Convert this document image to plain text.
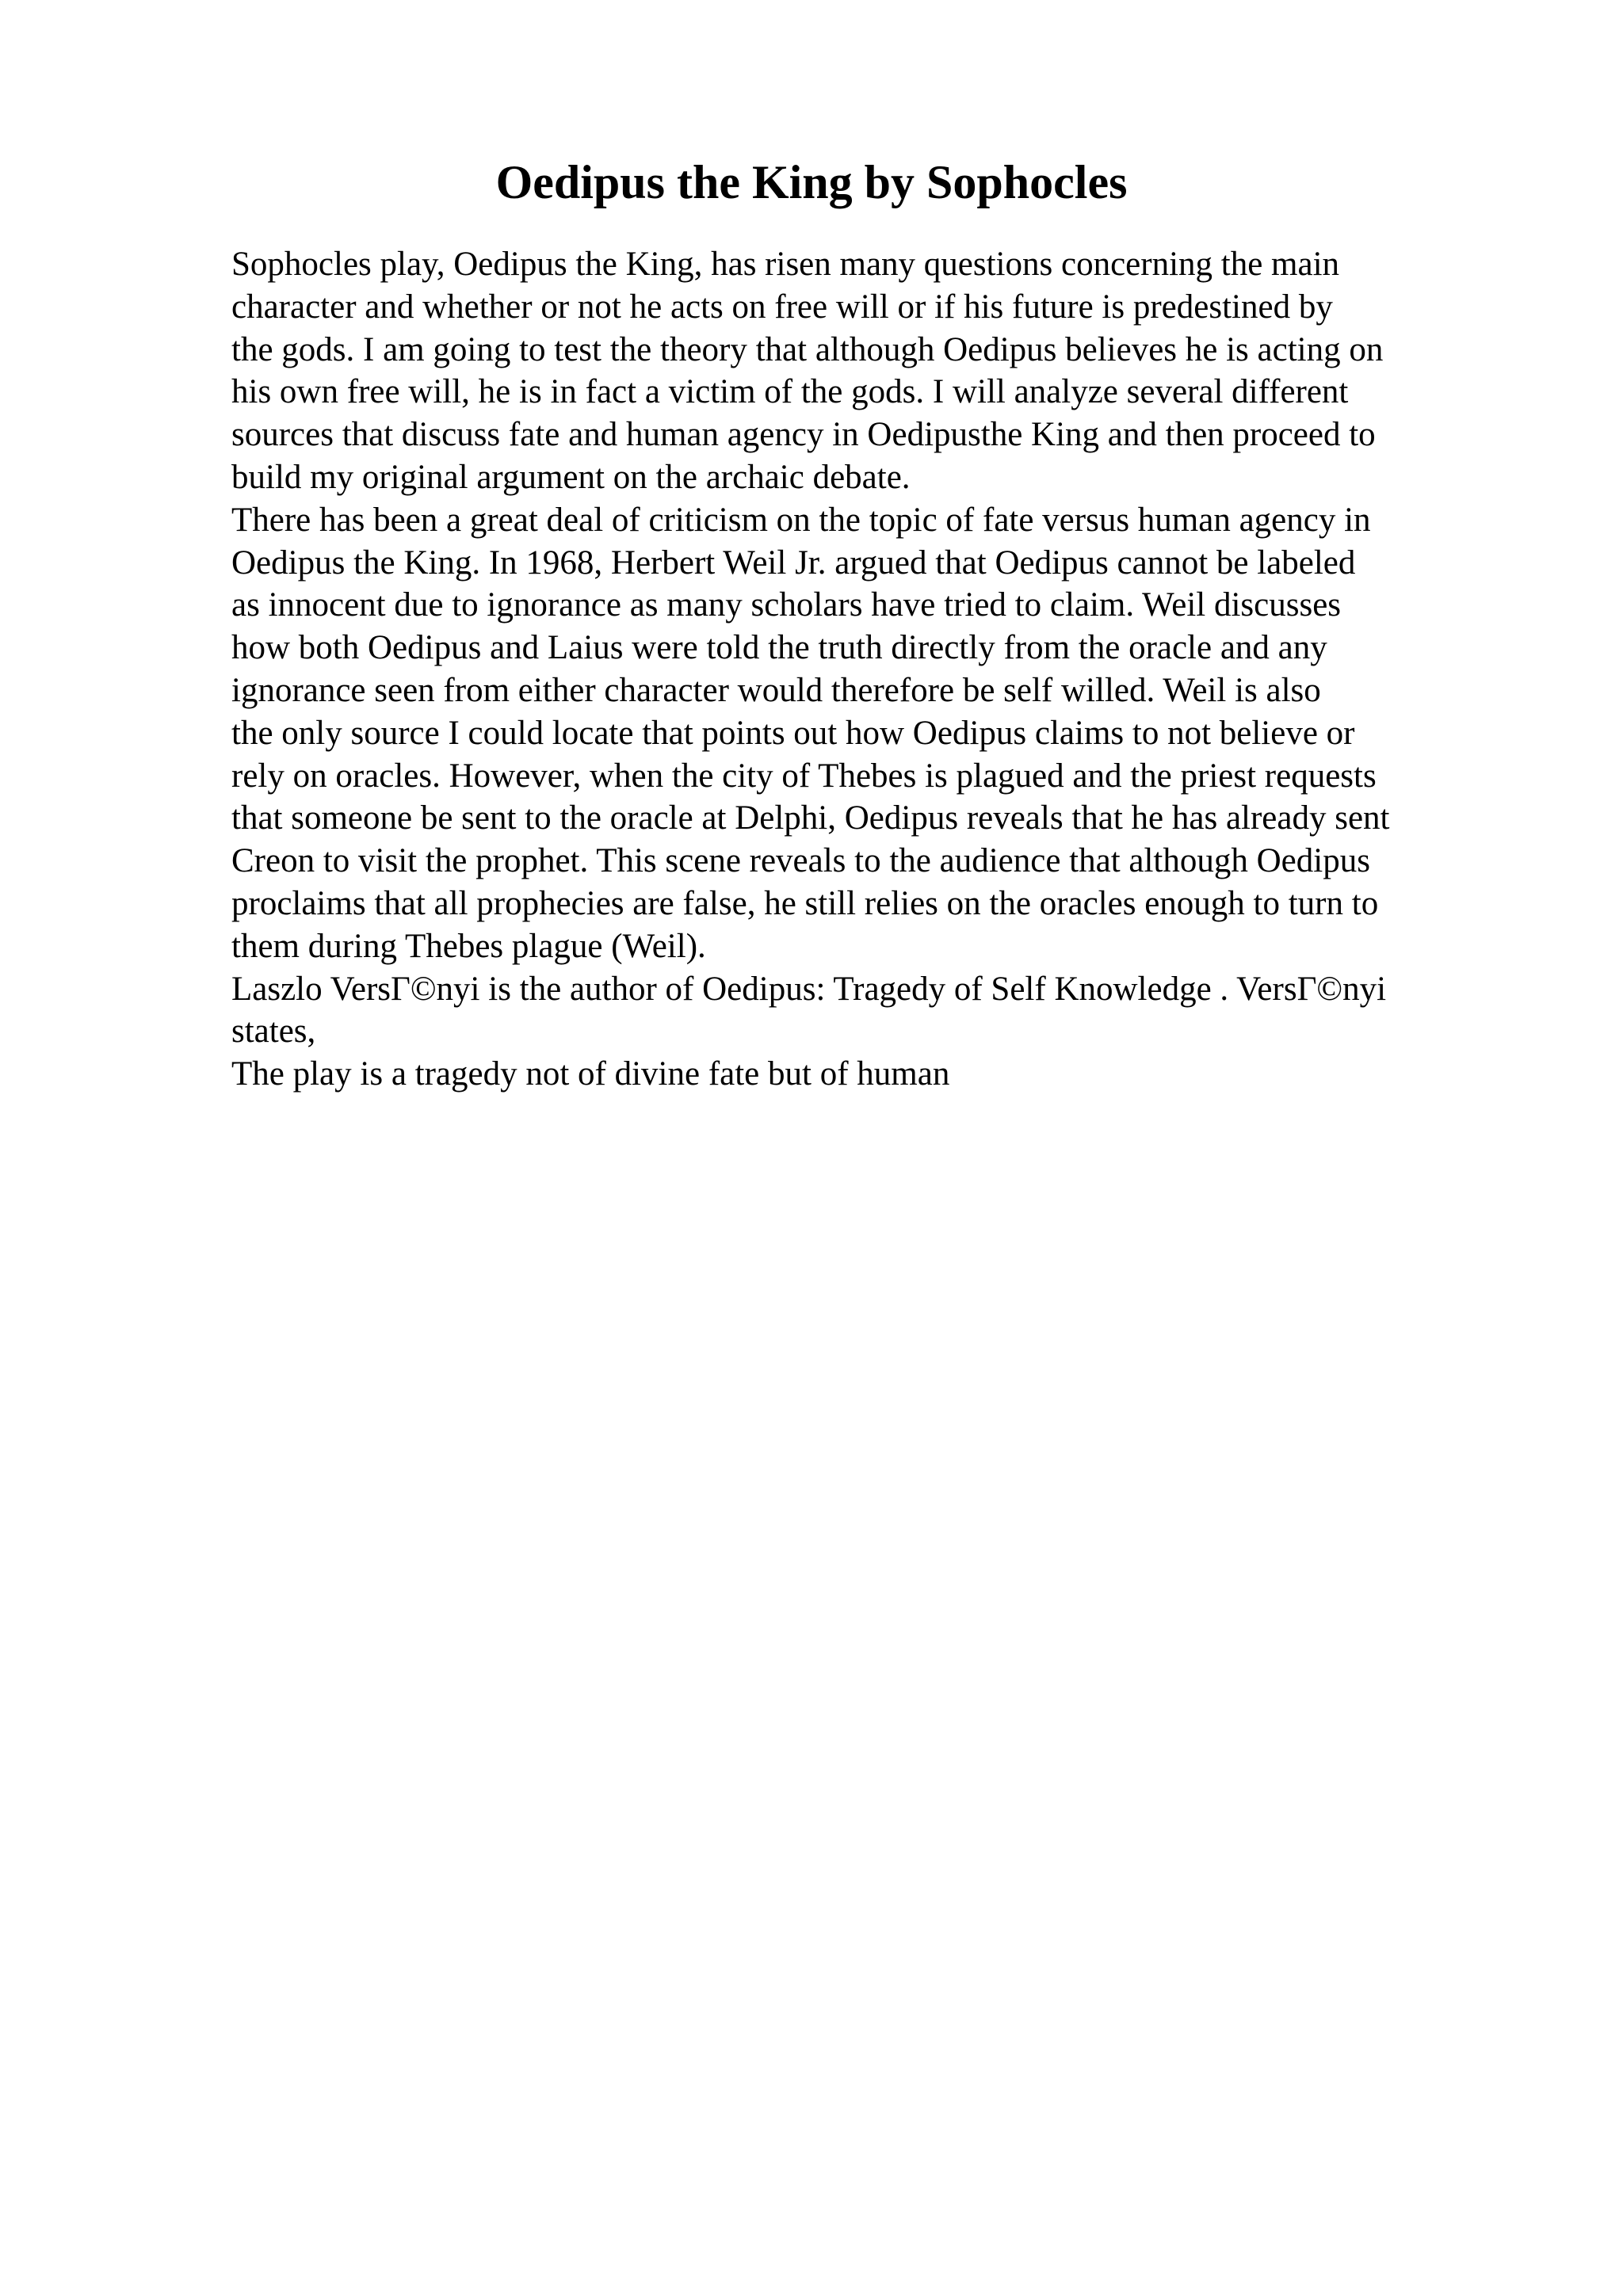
Oedipus the King by Sophocles
Sophocles play, Oedipus the King, has risen many questions concerning the main
character and whether or not he acts on free will or if his future is predestined by
the gods. I am going to test the theory that although Oedipus believes he is acting on
his own free will, he is in fact a victim of the gods. I will analyze several different
sources that discuss fate and human agency in Oedipusthe King and then proceed to
build my original argument on the archaic debate.
There has been a great deal of criticism on the topic of fate versus human agency in
Oedipus the King. In 1968, Herbert Weil Jr. argued that Oedipus cannot be labeled
as innocent due to ignorance as many scholars have tried to claim. Weil discusses
how both Oedipus and Laius were told the truth directly from the oracle and any
ignorance seen from either character would therefore be self willed. Weil is also
the only source I could locate that points out how Oedipus claims to not believe or
rely on oracles. However, when the city of Thebes is plagued and the priest requests
that someone be sent to the oracle at Delphi, Oedipus reveals that he has already sent
Creon to visit the prophet. This scene reveals to the audience that although Oedipus
proclaims that all prophecies are false, he still relies on the oracles enough to turn to
them during Thebes plague (Weil).
Laszlo VersΓ©nyi is the author of Oedipus: Tragedy of Self Knowledge . VersΓ©nyi
states,
The play is a tragedy not of divine fate but of human
